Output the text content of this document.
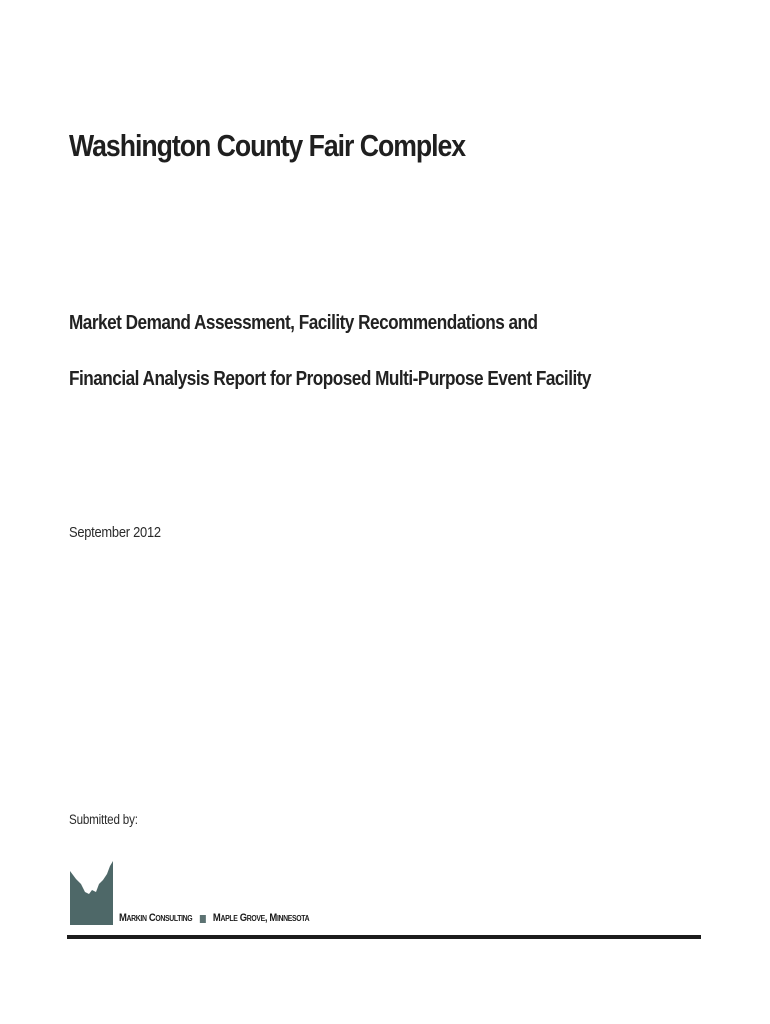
Washington County Fair Complex
Market Demand Assessment, Facility Recommendations and
Financial Analysis Report for Proposed Multi-Purpose Event Facility
September 2012
Submitted by:
Markin Consulting Maple Grove, Minnesota
